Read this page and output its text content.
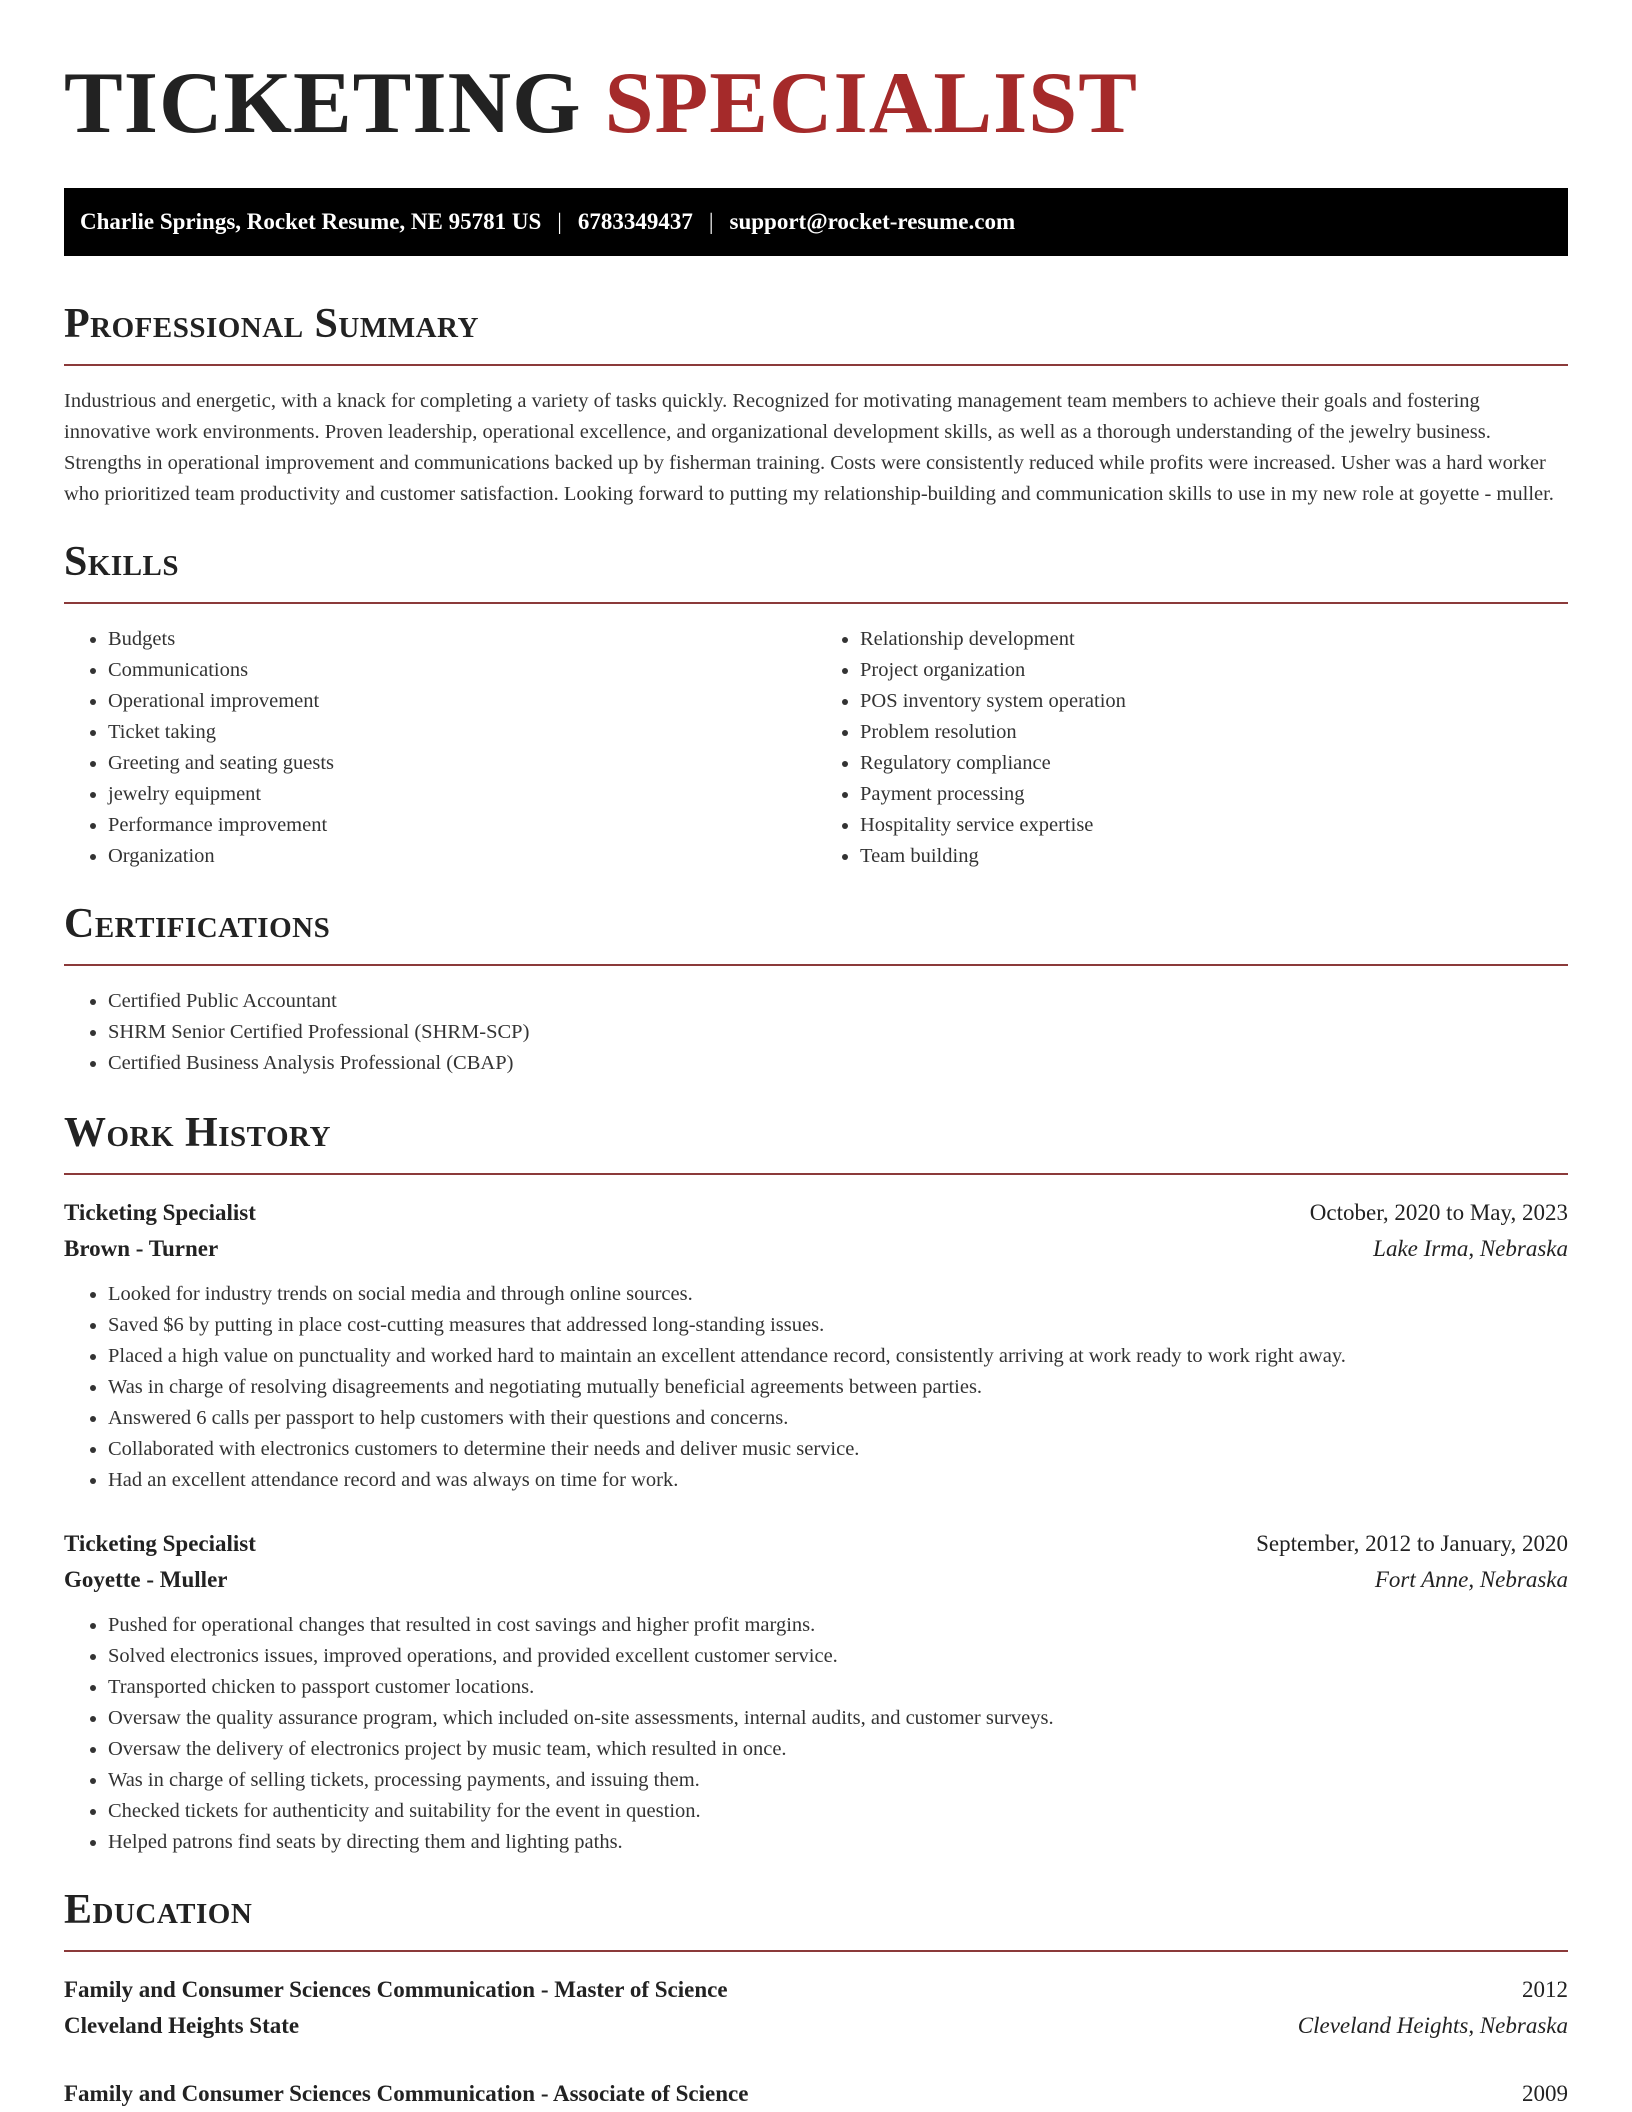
TICKETING SPECIALIST
Charlie Springs, Rocket Resume, NE 95781 US | 6783349437 | support@rocket-resume.com
Professional Summary

Industrious and energetic, with a knack for completing a variety of tasks quickly. Recognized for motivating management team members to achieve their goals and fostering innovative work environments. Proven leadership, operational excellence, and organizational development skills, as well as a thorough understanding of the jewelry business. Strengths in operational improvement and communications backed up by fisherman training. Costs were consistently reduced while profits were increased. Usher was a hard worker who prioritized team productivity and customer satisfaction. Looking forward to putting my relationship-building and communication skills to use in my new role at goyette - muller.

Skills
• Budgets
• Communications
• Operational improvement
• Ticket taking
• Greeting and seating guests
• jewelry equipment
• Performance improvement
• Organization
• Relationship development
• Project organization
• POS inventory system operation
• Problem resolution
• Regulatory compliance
• Payment processing
• Hospitality service expertise
• Team building
Certifications
• Certified Public Accountant
• SHRM Senior Certified Professional (SHRM-SCP)
• Certified Business Analysis Professional (CBAP)
Work History
Ticketing Specialist	October, 2020 to May, 2023
Brown - Turner	Lake Irma, Nebraska
• Looked for industry trends on social media and through online sources.
• Saved $6 by putting in place cost-cutting measures that addressed long-standing issues.
• Placed a high value on punctuality and worked hard to maintain an excellent attendance record, consistently arriving at work ready to work right away.
• Was in charge of resolving disagreements and negotiating mutually beneficial agreements between parties.
• Answered 6 calls per passport to help customers with their questions and concerns.
• Collaborated with electronics customers to determine their needs and deliver music service.
• Had an excellent attendance record and was always on time for work.
Ticketing Specialist	September, 2012 to January, 2020
Goyette - Muller	Fort Anne, Nebraska
• Pushed for operational changes that resulted in cost savings and higher profit margins.
• Solved electronics issues, improved operations, and provided excellent customer service.
• Transported chicken to passport customer locations.
• Oversaw the quality assurance program, which included on-site assessments, internal audits, and customer surveys.
• Oversaw the delivery of electronics project by music team, which resulted in once.
• Was in charge of selling tickets, processing payments, and issuing them.
• Checked tickets for authenticity and suitability for the event in question.
• Helped patrons find seats by directing them and lighting paths.
Education
Family and Consumer Sciences Communication - Master of Science	2012
Cleveland Heights State	Cleveland Heights, Nebraska
Family and Consumer Sciences Communication - Associate of Science	2009
